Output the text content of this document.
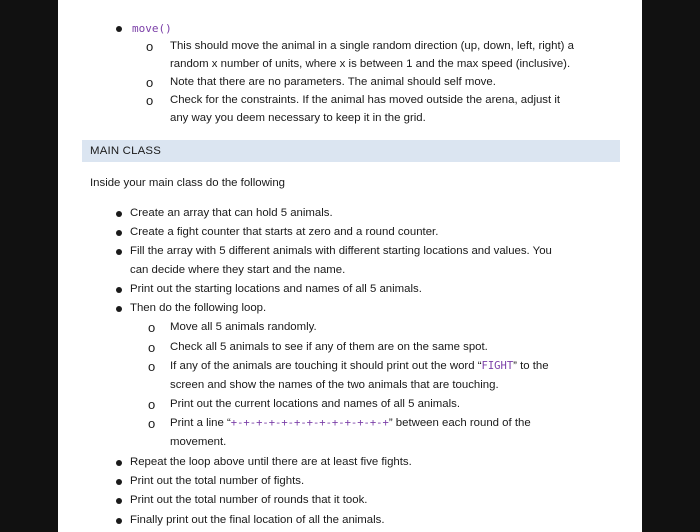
move()
o This should move the animal in a single random direction (up, down, left, right) a
random x number of units, where x is between 1 and the max speed (inclusive).
o Note that there are no parameters. The animal should self move.
o Check for the constraints. If the animal has moved outside the arena, adjust it
any way you deem necessary to keep it in the grid.
MAIN CLASS
Inside your main class do the following
Create an array that can hold 5 animals.
Create a fight counter that starts at zero and a round counter.
Fill the array with 5 different animals with different starting locations and values. You
can decide where they start and the name.
Print out the starting locations and names of all 5 animals.
Then do the following loop.
o Move all 5 animals randomly.
o Check all 5 animals to see if any of them are on the same spot.
o If any of the animals are touching it should print out the word “FIGHT” to the
screen and show the names of the two animals that are touching.
o Print out the current locations and names of all 5 animals.
o Print a line “+-+-+-+-+-+-+-+-+-+-+-+-+” between each round of the
movement.
Repeat the loop above until there are at least five fights.
Print out the total number of fights.
Print out the total number of rounds that it took.
Finally print out the final location of all the animals.
